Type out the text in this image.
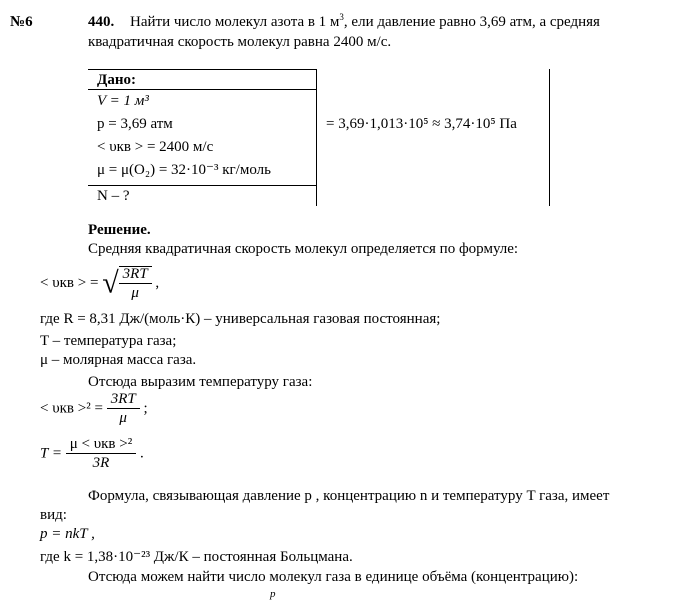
№6	440. Найти число молекул азота в 1 $м^3$, ели давление равно 3,69 атм, а средняя
квадратичная скорость молекул равна 2400 м/с.
Дано:
V = 1 м³
p = 3,69 атм
< υкв > = 2400 м/с
μ = μ(O₂) = 32·10⁻³ кг/моль
N – ?
= 3,69·1,013·10⁵ ≈ 3,74·10⁵ Па
Решение.
Средняя квадратичная скорость молекул определяется по формуле:
< υкв > = √ $\frac{3RT}{\mu}$ ,
где R = 8,31 Дж/(моль·К) – универсальная газовая постоянная;
T – температура газа;
μ – молярная масса газа.
Отсюда выразим температуру газа:
< $\upsilon кв >^2 = \frac{3RT}{\mu}$ ;
$T = \frac{\text{μ < υкв >²}}{3R}$ .
Формула, связывающая давление p , концентрацию n и температуру T газа, имеет
вид:
p = nkT ,
где k = 1,38·10⁻²³ Дж/К – постоянная Больцмана.
Отсюда можем найти число молекул газа в единице объёма (концентрацию):
p
